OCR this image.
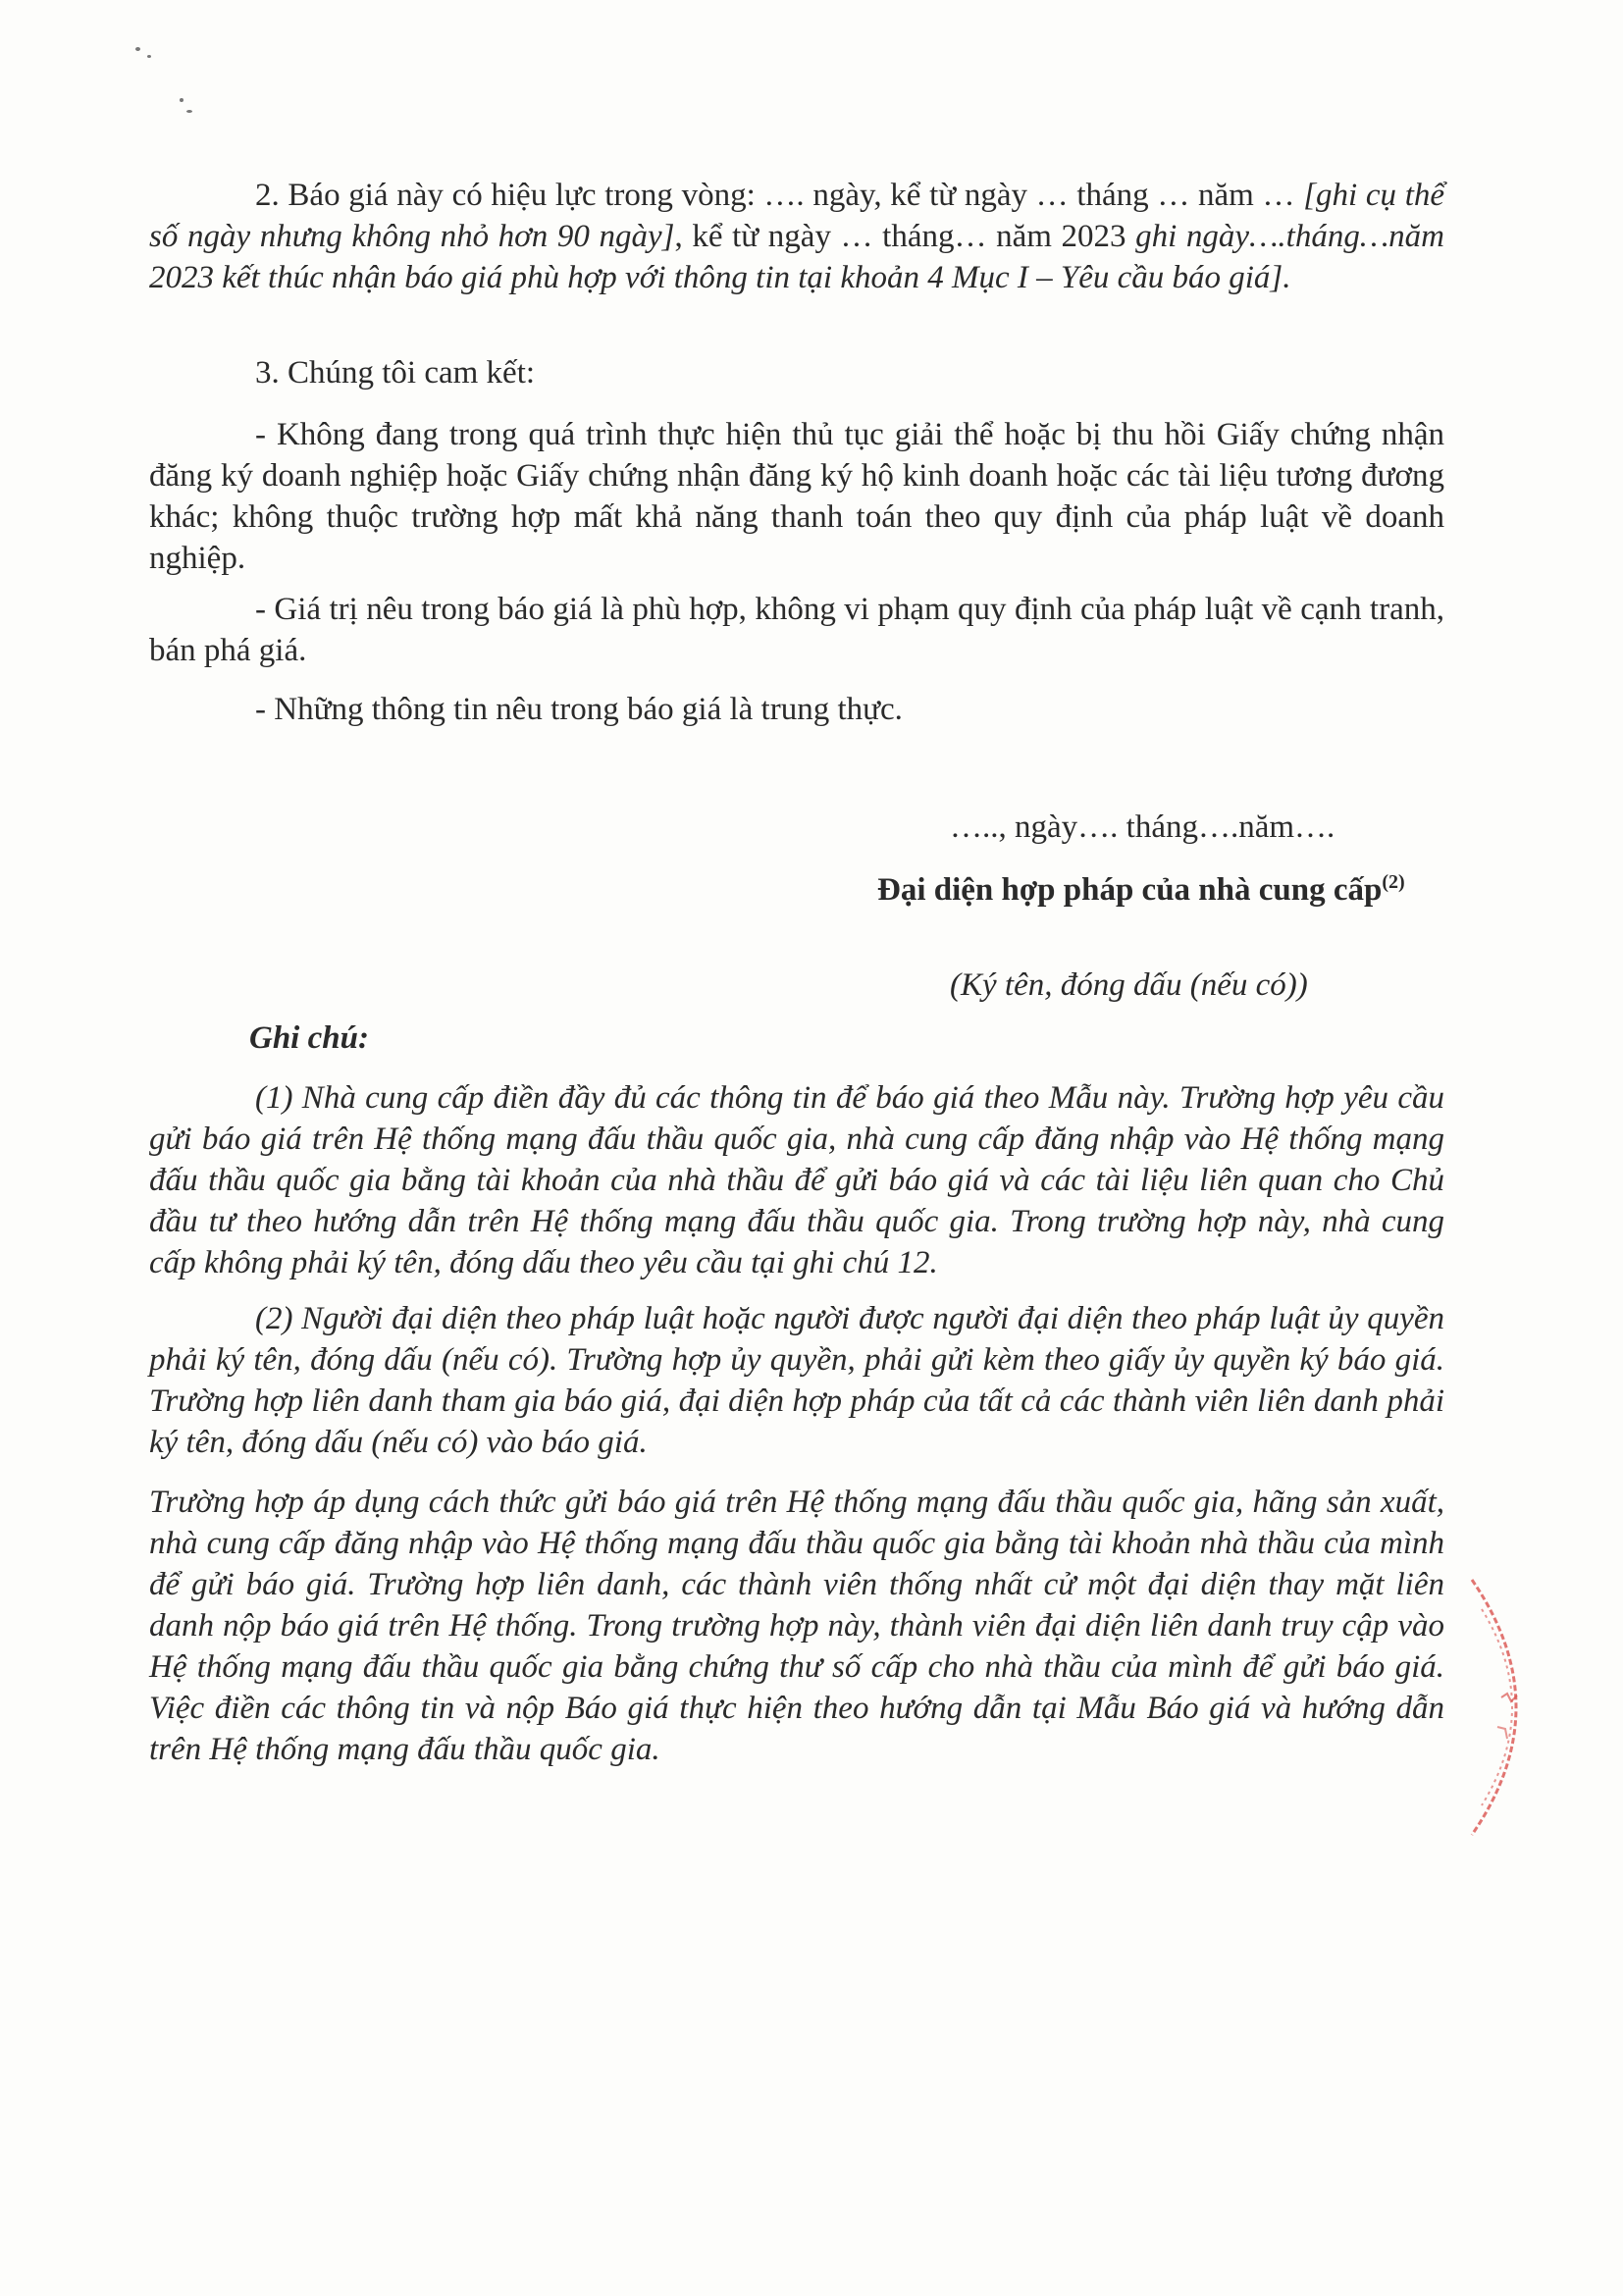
2. Báo giá này có hiệu lực trong vòng: …. ngày, kể từ ngày … tháng … năm … [ghi cụ thể số ngày nhưng không nhỏ hơn 90 ngày], kể từ ngày … tháng… năm 2023 ghi ngày….tháng…năm 2023 kết thúc nhận báo giá phù hợp với thông tin tại khoản 4 Mục I – Yêu cầu báo giá].

3. Chúng tôi cam kết:

- Không đang trong quá trình thực hiện thủ tục giải thể hoặc bị thu hồi Giấy chứng nhận đăng ký doanh nghiệp hoặc Giấy chứng nhận đăng ký hộ kinh doanh hoặc các tài liệu tương đương khác; không thuộc trường hợp mất khả năng thanh toán theo quy định của pháp luật về doanh nghiệp.

- Giá trị nêu trong báo giá là phù hợp, không vi phạm quy định của pháp luật về cạnh tranh, bán phá giá.

- Những thông tin nêu trong báo giá là trung thực.

….., ngày…. tháng….năm….

Đại diện hợp pháp của nhà cung cấp$^{(2)}$

(Ký tên, đóng dấu (nếu có))

Ghi chú:

(1) Nhà cung cấp điền đầy đủ các thông tin để báo giá theo Mẫu này. Trường hợp yêu cầu gửi báo giá trên Hệ thống mạng đấu thầu quốc gia, nhà cung cấp đăng nhập vào Hệ thống mạng đấu thầu quốc gia bằng tài khoản của nhà thầu để gửi báo giá và các tài liệu liên quan cho Chủ đầu tư theo hướng dẫn trên Hệ thống mạng đấu thầu quốc gia. Trong trường hợp này, nhà cung cấp không phải ký tên, đóng dấu theo yêu cầu tại ghi chú 12.

(2) Người đại diện theo pháp luật hoặc người được người đại diện theo pháp luật ủy quyền phải ký tên, đóng dấu (nếu có). Trường hợp ủy quyền, phải gửi kèm theo giấy ủy quyền ký báo giá. Trường hợp liên danh tham gia báo giá, đại diện hợp pháp của tất cả các thành viên liên danh phải ký tên, đóng dấu (nếu có) vào báo giá.

Trường hợp áp dụng cách thức gửi báo giá trên Hệ thống mạng đấu thầu quốc gia, hãng sản xuất, nhà cung cấp đăng nhập vào Hệ thống mạng đấu thầu quốc gia bằng tài khoản nhà thầu của mình để gửi báo giá. Trường hợp liên danh, các thành viên thống nhất cử một đại diện thay mặt liên danh nộp báo giá trên Hệ thống. Trong trường hợp này, thành viên đại diện liên danh truy cập vào Hệ thống mạng đấu thầu quốc gia bằng chứng thư số cấp cho nhà thầu của mình để gửi báo giá. Việc điền các thông tin và nộp Báo giá thực hiện theo hướng dẫn tại Mẫu Báo giá và hướng dẫn trên Hệ thống mạng đấu thầu quốc gia.
